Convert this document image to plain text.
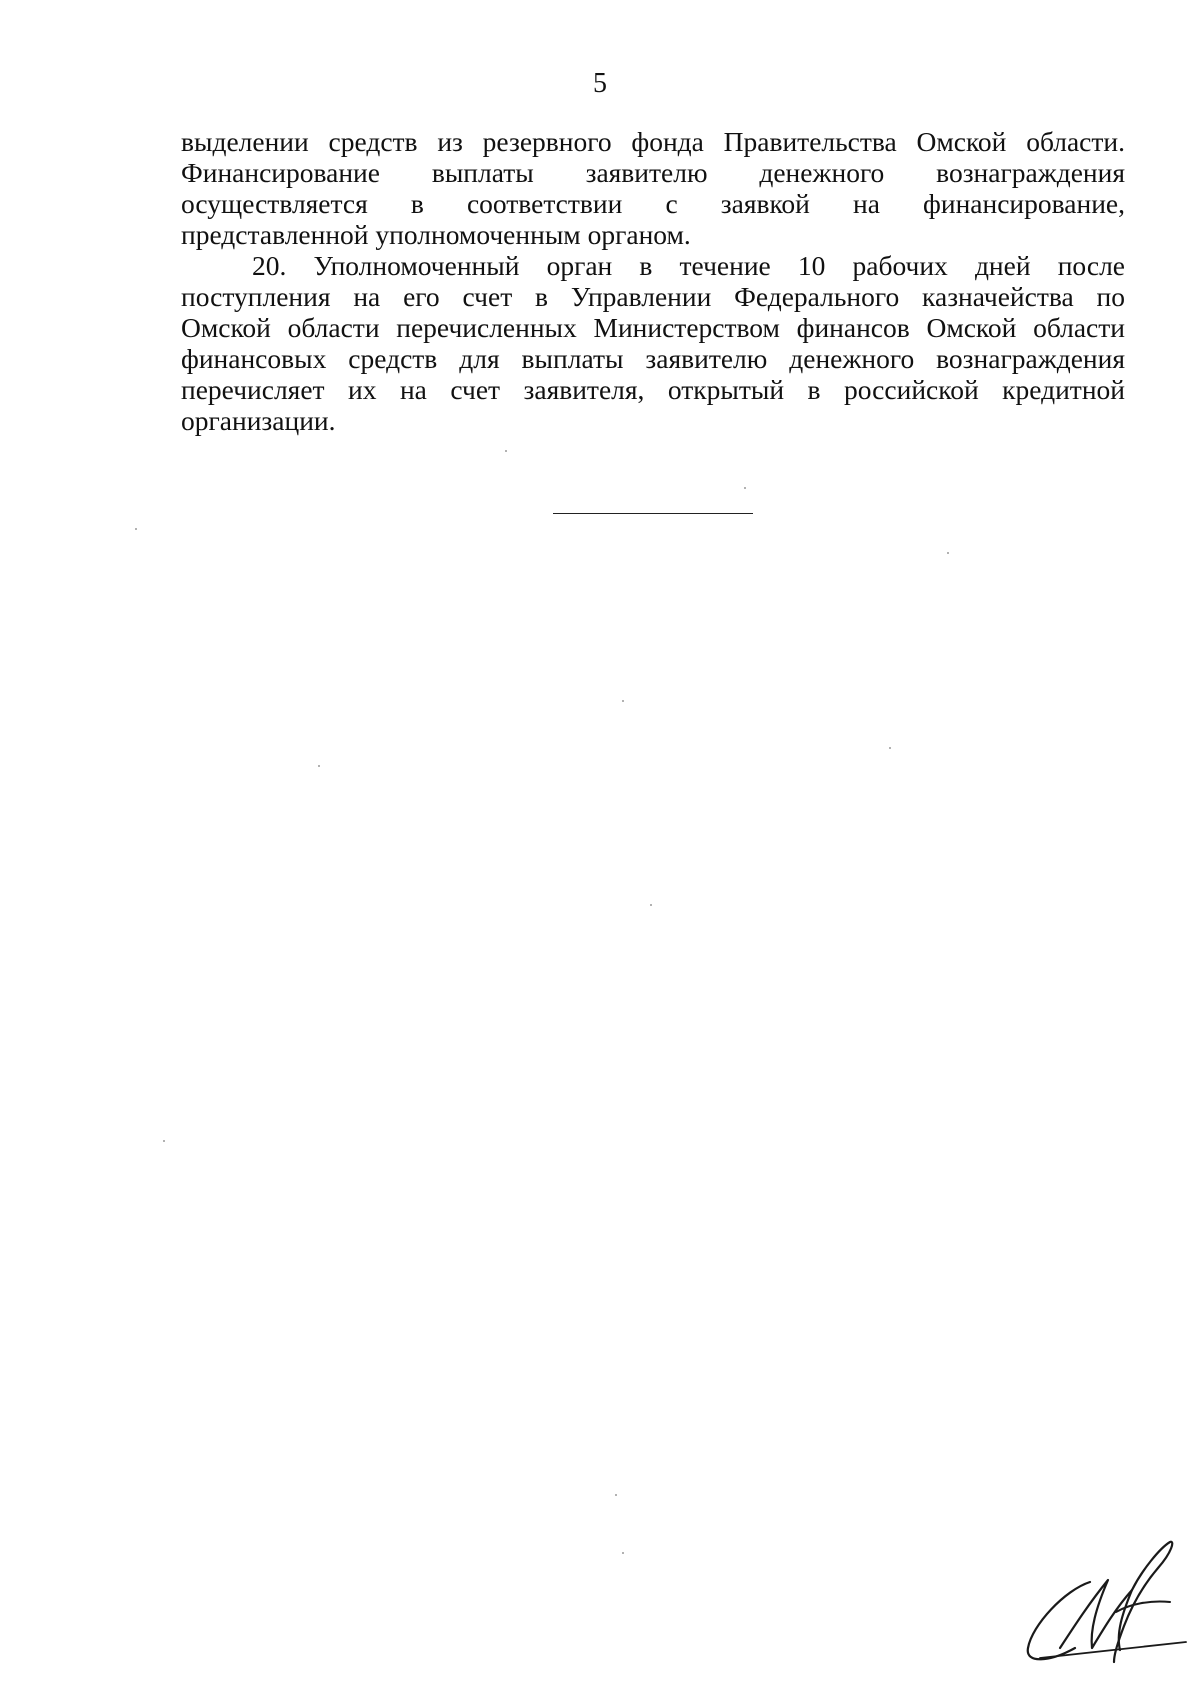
5

выделении средств из резервного фонда Правительства Омской области.
Финансирование выплаты заявителю денежного вознаграждения
осуществляется в соответствии с заявкой на финансирование,
представленной уполномоченным органом.

20. Уполномоченный орган в течение 10 рабочих дней после
поступления на его счет в Управлении Федерального казначейства по
Омской области перечисленных Министерством финансов Омской области
финансовых средств для выплаты заявителю денежного вознаграждения
перечисляет их на счет заявителя, открытый в российской кредитной
организации.
